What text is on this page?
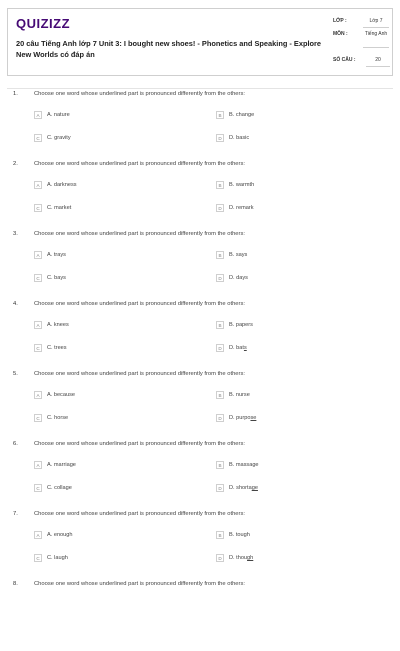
QUIZIZZ
20 câu Tiếng Anh lớp 7 Unit 3: I bought new shoes! - Phonetics and Speaking - Explore New Worlds có đáp án
LỚP :	Lớp 7
MÔN :	Tiếng Anh
SỐ CÂU :	20
1.	Choose one word whose underlined part is pronounced differently from the others:
A	A. nature	B	B. change
C	C. gravity	D	D. basic
2.	Choose one word whose underlined part is pronounced differently from the others:
A	A. darkness	B	B. warmth
C	C. market	D	D. remark
3.	Choose one word whose underlined part is pronounced differently from the others:
A	A. trays	B	B. says
C	C. bays	D	D. days
4.	Choose one word whose underlined part is pronounced differently from the others:
A	A. knees	B	B. papers
C	C. trees	D	D. bats
5.	Choose one word whose underlined part is pronounced differently from the others:
A	A. because	B	B. nurse
C	C. horse	D	D. purpose
6.	Choose one word whose underlined part is pronounced differently from the others:
A	A. marriage	B	B. massage
C	C. collage	D	D. shortage
7.	Choose one word whose underlined part is pronounced differently from the others:
A	A. enough	B	B. tough
C	C. laugh	D	D. though
8.	Choose one word whose underlined part is pronounced differently from the others:
